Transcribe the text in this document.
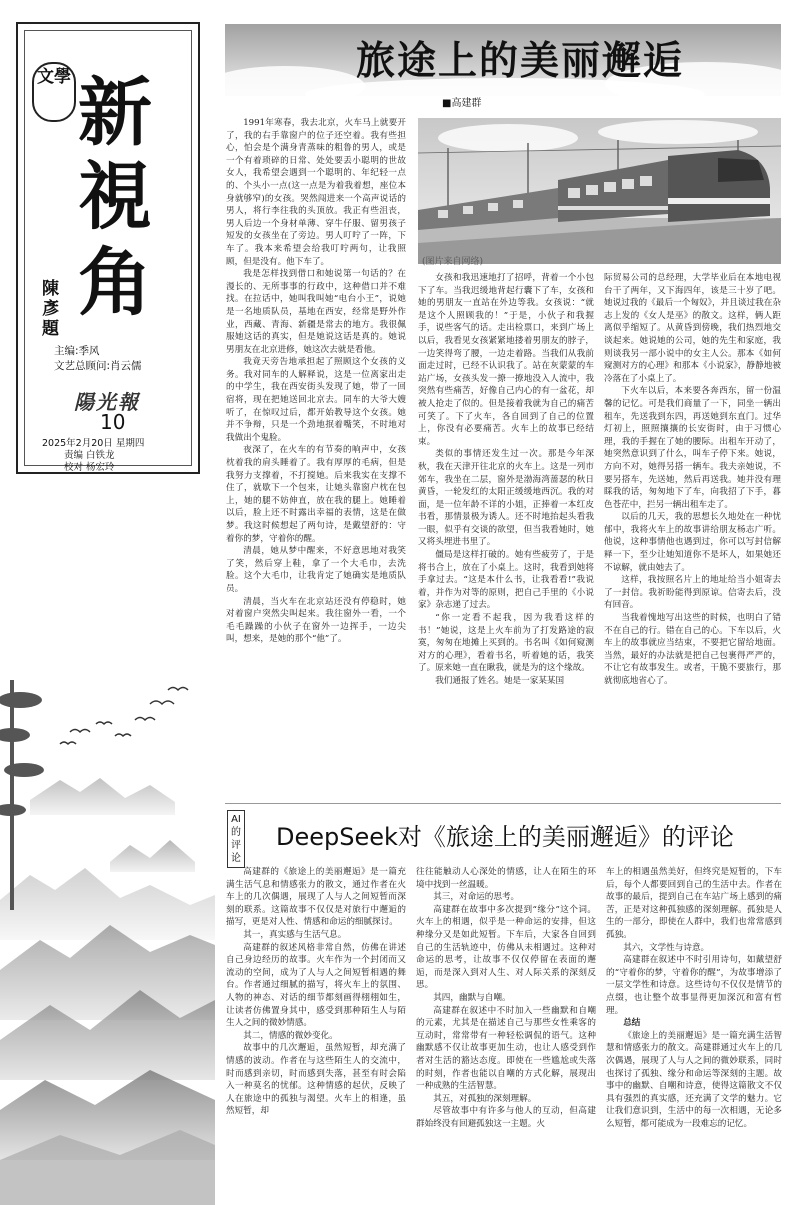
文學 新
視
角
陳彥題
主编:季风
文艺总顾问:肖云儒
陽光報
10
2025年2月20日 星期四
责编 白铁龙
校对 杨宏玲
旅途上的美丽邂逅
■高建群

1991年寒春，我去北京，火车马上就要开了，我的右手靠窗户的位子还空着。我有些担心，怕会是个满身青蒸味的粗鲁的男人，或是一个有着琐碎的日常、处处要丢小聪明的世故女人，我希望会遇到一个聪明的、年纪轻一点的、个头小一点(这一点是为着我着想，座位本身就够窄)的女孩。哭然闯进来一个高声说话的男人，将行李往我的头顶放。我正有些沮丧，男人后边一个身材单薄、穿牛仔服、留男孩子短发的女孩坐在了旁边。男人叮咛了一阵，下车了。我本来希望会给我叮咛两句，让我照顾，但是没有。他下车了。

我是怎样找到借口和她说第一句话的？在漫长的、无所事事的行政中，这种借口并不难找。在拉话中，她叫我叫她“电台小王”，说她是一名地质队员，基地在西安，经常是野外作业，西藏、青海、新疆是常去的地方。我很佩服她这话的真实，但是她说这话是真的。她说男朋友在北京进修，她这次去就是看他。

我竟天旁告地承担起了照顾这个女孩的义务。我对同车的人解释说，这是一位离家出走的中学生，我在西安街头发现了她，带了一回宿将，现在把她送回北京去。同车的大爷大嫂听了，在惊叹过后，都开始教导这个女孩。她并不争辩，只是一个劲地抿着嘴笑，不时地对我做出个鬼脸。

夜深了，在火车的有节奏的响声中，女孩枕着我的肩头睡着了。我有厚厚的毛病，但是我努力支撑着，不打搅她。后来我实在支撑不住了，就歇下一个包来，让她头靠窗户枕在包上，她的腿不妨伸直，放在我的腿上。她睡着以后，脸上还不时露出幸福的表情，这是在做梦。我这时候想起了两句诗，是戴望舒的：守着你的梦，守着你的醒。

清晨，她从梦中醒来，不好意思地对我笑了笑，然后穿上鞋，拿了一个大毛巾，去洗脸。这个大毛巾，让我肯定了她确实是地质队员。

清晨，当火车在北京站还没有停稳时，她对着窗户突然尖叫起来。我往窗外一看，一个毛毛躁躁的小伙子在窗外一边挥手，一边尖叫，想来，是她的那个“他”了。

(图片来自网络)

女孩和我迅速地打了招呼，背着一个小包下了车。当我迟缓地背起行囊下了车，女孩和她的男朋友一直站在外边等我。女孩说：“就是这个人照顾我的！”于是，小伙子和我握手，说些客气的话。走出检票口，来到广场上以后，我看见女孩紧紧地搂着男朋友的脖子，一边笑得弯了腰，一边走着路。当我们从我前面走过时，已经不认识我了。站在灰蒙蒙的车站广场，女孩头发一撩一撩地没入人流中，我突然有些痛苦，好像自己内心的有一盆花，却被人抢走了似的。但是接着我就为自己的痛苦可笑了。下了火车，各自回到了自己的位置上，你没有必要痛苦。火车上的故事已经结束。

类似的事情还发生过一次。那是今年深秋，我在天津开往北京的火车上。这是一列市郊车，我坐在二层，窗外是渤海湾蔷瑟的秋日黄昏，一轮发红的太阳正缓缓地西沉。我的对面，是一位年龄不详的小姐，正捧着一本红皮书看，那情景极为诱人。还不时地抬起头看我一眼，似乎有交谈的欲望，但当我看她时，她又将头埋进书里了。

僵局是这样打破的。她有些疲劳了，于是将书合上，放在了小桌上。这时，我看到她将手拿过去。“这是本什么书，让我看看!”我说着，并作为对等的原则，把自己手里的《小说家》杂志递了过去。

“你一定看不起我，因为我看这样的书！”她说，这是上火车前为了打发路途的寂寞，匆匆在地摊上买到的。书名叫《如何窥测对方的心理》，看着书名，听着她的话，我笑了。原来她一直在瞅我，就是为的这个缘故。

我们通报了姓名。她是一家某某国

际贸易公司的总经理，大学毕业后在本地电视台干了两年，又下海四年，该是三十岁了吧。她说过我的《最后一个匈奴》，并且谈过我在杂志上发的《女人是巫》的散文。这样，俩人距离似乎缩短了。从黄昏到傍晚，我们热烈地交谈起来。她说她的公司，她的先生和家庭，我则谈我另一部小说中的女主人公。那本《如何窥测对方的心理》和那本《小说家》，静静地被冷落在了小桌上了。

下火车以后，本来要各奔西东，留一份温馨的记忆。可是我们商量了一下，同坐一辆出租车，先送我到东四，再送她到东直门。过华灯初上，照照攘攘的长安街时，由于习惯心理，我的手握在了她的腰际。出租车开动了，她突然意识到了什么，叫车子停下来。她说，方向不对，她得另搭一辆车。我夫亲她说，不要另搭车，先送她，然后再送我。她并没有理睬我的话，匆匆地下了车，向我招了下手，暮色苍茫中，拦另一辆出租车走了。

以后的几天，我的思想长久地处在一种忧郁中，我将火车上的故事讲给朋友杨志广听。他说，这种事情他也遇到过，你可以写封信解释一下，至少让她知道你不是坏人，如果她还不谅解，就由她去了。

这样，我按照名片上的地址给当小姐寄去了一封信。我祈盼能得到原谅。信寄去后，没有回音。

当我着愧地写出这些的时候，也明白了错不在自己的行。错在自己的心。下车以后，火车上的故事就应当结束，不要把它留给地面。当然，最好的办法就是把自己包裹得严严的，不让它有故事发生。或者，干脆不要旅行，那就彻底地省心了。

AI的评论
DeepSeek对《旅途上的美丽邂逅》的评论

高建群的《旅途上的美丽邂逅》是一篇充满生活气息和情感张力的散文，通过作者在火车上的几次偶遇，展现了人与人之间短暂而深刻的联系。这篇故事不仅仅是对旅行中邂逅的描写，更是对人性、情感和命运的细腻探讨。

其一，真实感与生活气息。

高建群的叙述风格非常自然，仿佛在讲述自己身边经历的故事。火车作为一个封闭而又流动的空间，成为了人与人之间短暂相遇的舞台。作者通过细腻的描写，将火车上的氛围、人物的神态、对话的细节都刻画得栩栩如生，让读者仿佛置身其中，感受到那种陌生人与陌生人之间的微妙情感。

其二，情感的微妙变化。

故事中的几次邂逅，虽然短暂，却充满了情感的波动。作者在与这些陌生人的交流中，时而感到亲切，时而感到失落，甚至有时会陷入一种莫名的忧郁。这种情感的起伏，反映了人在旅途中的孤独与渴望。火车上的相逢，虽然短暂，却

往往能触动人心深处的情感，让人在陌生的环境中找到一丝温暖。

其三，对命运的思考。

高建群在故事中多次提到“缘分”这个词。火车上的相遇，似乎是一种命运的安排，但这种缘分又是如此短暂。下车后，大家各自回到自己的生活轨迹中，仿佛从未相遇过。这种对命运的思考，让故事不仅仅停留在表面的邂逅，而是深入到对人生、对人际关系的深刻反思。

其四，幽默与自嘲。

高建群在叙述中不时加入一些幽默和自嘲的元素，尤其是在描述自己与那些女性乘客的互动时，常常带有一种轻松调侃的语气。这种幽默感不仅让故事更加生动，也让人感受到作者对生活的豁达态度。即使在一些尴尬或失落的时刻，作者也能以自嘲的方式化解，展现出一种成熟的生活智慧。

其五，对孤独的深刻理解。

尽管故事中有许多与他人的互动，但高建群始终没有回避孤独这一主题。火

车上的相遇虽然美好，但终究是短暂的，下车后，每个人都要回到自己的生活中去。作者在故事的最后，提到自己在车站广场上感到的痛苦，正是对这种孤独感的深刻理解。孤独是人生的一部分，即使在人群中，我们也常常感到孤独。

其六，文学性与诗意。

高建群在叙述中不时引用诗句，如戴望舒的“守着你的梦，守着你的醒”，为故事增添了一层文学性和诗意。这些诗句不仅仅是情节的点缀，也让整个故事显得更加深沉和富有哲理。

总结

《旅途上的美丽邂逅》是一篇充满生活智慧和情感张力的散文。高建群通过火车上的几次偶遇，展现了人与人之间的微妙联系，同时也探讨了孤独、缘分和命运等深刻的主题。故事中的幽默、自嘲和诗意，使得这篇散文不仅具有强烈的真实感，还充满了文学的魅力。它让我们意识到，生活中的每一次相遇，无论多么短暂，都可能成为一段难忘的记忆。
